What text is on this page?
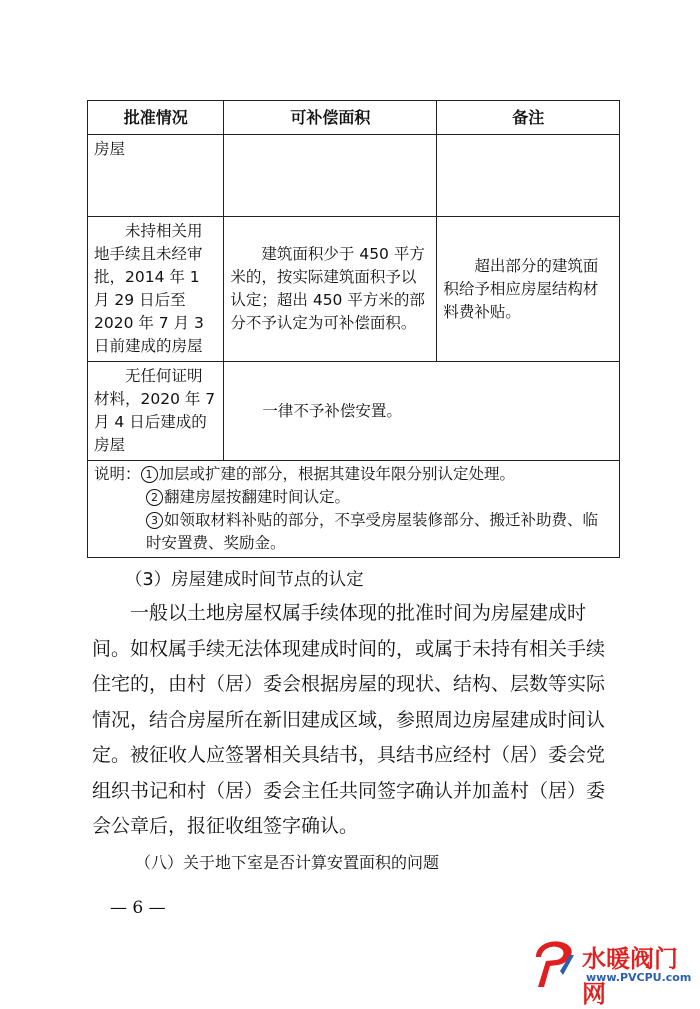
批准情况	可补偿面积	备注
房屋		
未持相关用地手续且未经审批，2014 年 1 月 29 日后至 2020 年 7 月 3 日前建成的房屋	建筑面积少于 450 平方米的，按实际建筑面积予以认定；超出 450 平方米的部分不予认定为可补偿面积。	超出部分的建筑面积给予相应房屋结构材料费补贴。
无任何证明材料，2020 年 7 月 4 日后建成的房屋	一律不予补偿安置。	

说明： 1 加层或扩建的部分，根据其建设年限分别认定处理。
2 翻建房屋按翻建时间认定。
3 如领取材料补贴的部分，不享受房屋装修部分、搬迁补助费、临时安置费、奖励金。		
（3）房屋建成时间节点的认定
一般以土地房屋权属手续体现的批准时间为房屋建成时间。如权属手续无法体现建成时间的，或属于未持有相关手续住宅的，由村（居）委会根据房屋的现状、结构、层数等实际情况，结合房屋所在新旧建成区域，参照周边房屋建成时间认定。 被征收人应签署相关具结书，具结书应经村（居）委会党组织书记和村（居）委会主任共同签字确认并加盖村（居）委会公章后，报征收组签字确认。
（八）关于地下室是否计算安置面积的问题
— 6 —
水暖阀门网
www.PVCPU.com
